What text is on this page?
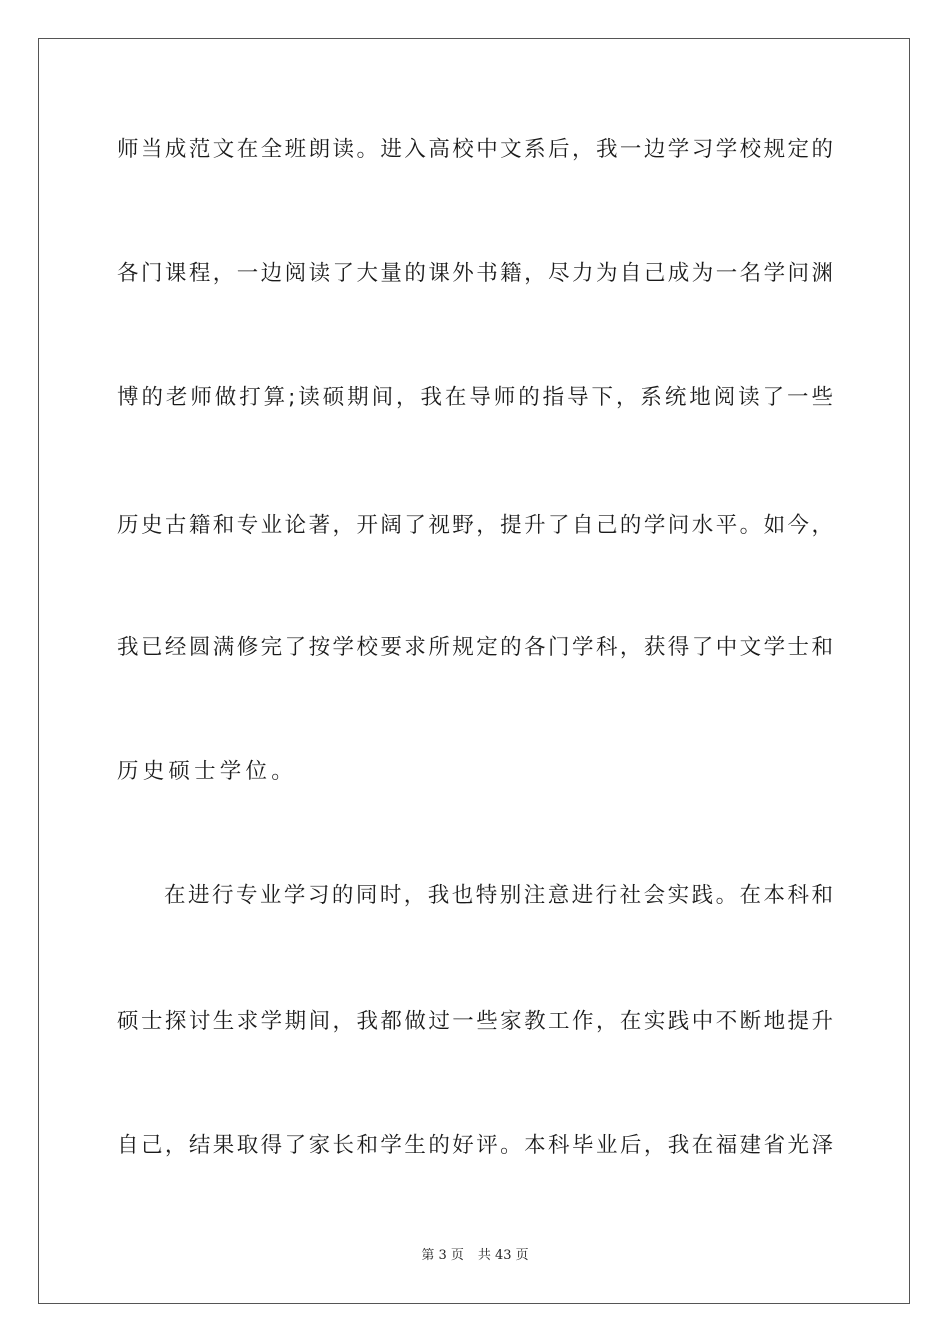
师当成范文在全班朗读。进入高校中文系后，我一边学习学校规定的
各门课程，一边阅读了大量的课外书籍，尽力为自己成为一名学问渊
博的老师做打算;读硕期间，我在导师的指导下，系统地阅读了一些
历史古籍和专业论著，开阔了视野，提升了自己的学问水平。如今，
我已经圆满修完了按学校要求所规定的各门学科，获得了中文学士和
历史硕士学位。
在进行专业学习的同时，我也特别注意进行社会实践。在本科和
硕士探讨生求学期间，我都做过一些家教工作，在实践中不断地提升
自己，结果取得了家长和学生的好评。本科毕业后，我在福建省光泽
第 3 页 共 43 页
